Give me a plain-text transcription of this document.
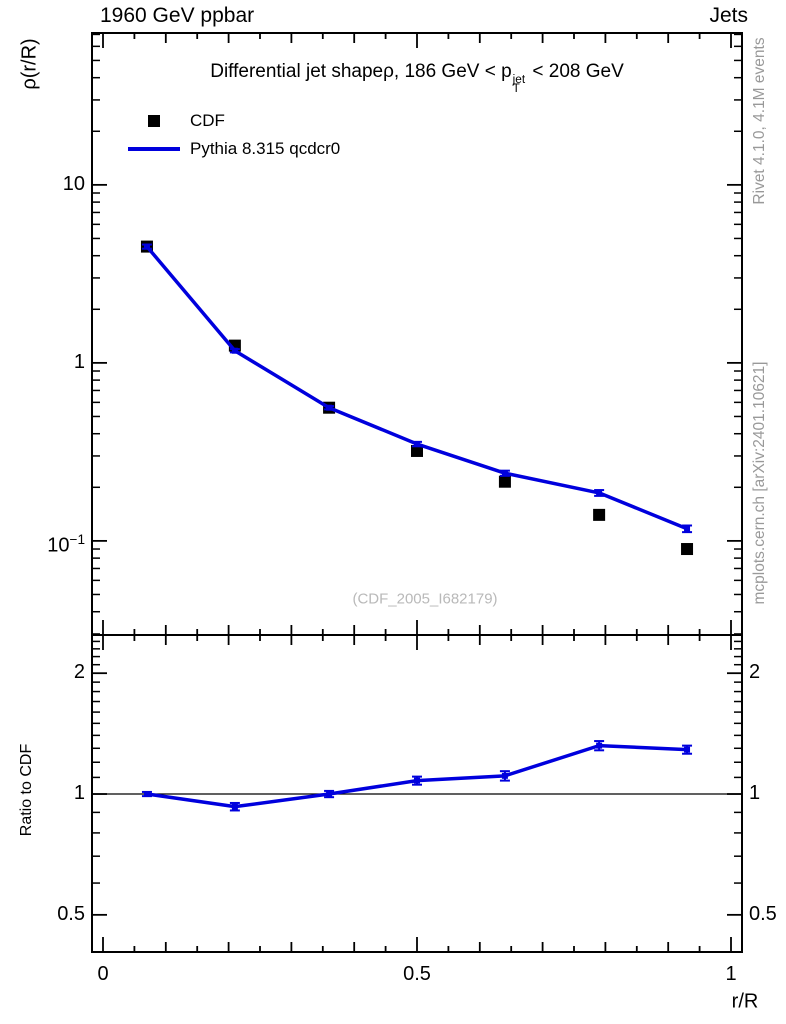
1960 GeV ppbar	Jets
Differential jet shapeρ, 186 GeV < p jet
T
< 208 GeV
CDF
Pythia 8.315 qcdcr0
ρ(r/R)
Ratio to CDF
r/R
(CDF_2005_I682179)
Rivet 4.1.0, 4.1M events
mcplots.cern.ch [arXiv:2401.10621]
10
1
$10^{-1}$
2	2
1	1
0.5	0.5
0	0.5	1
